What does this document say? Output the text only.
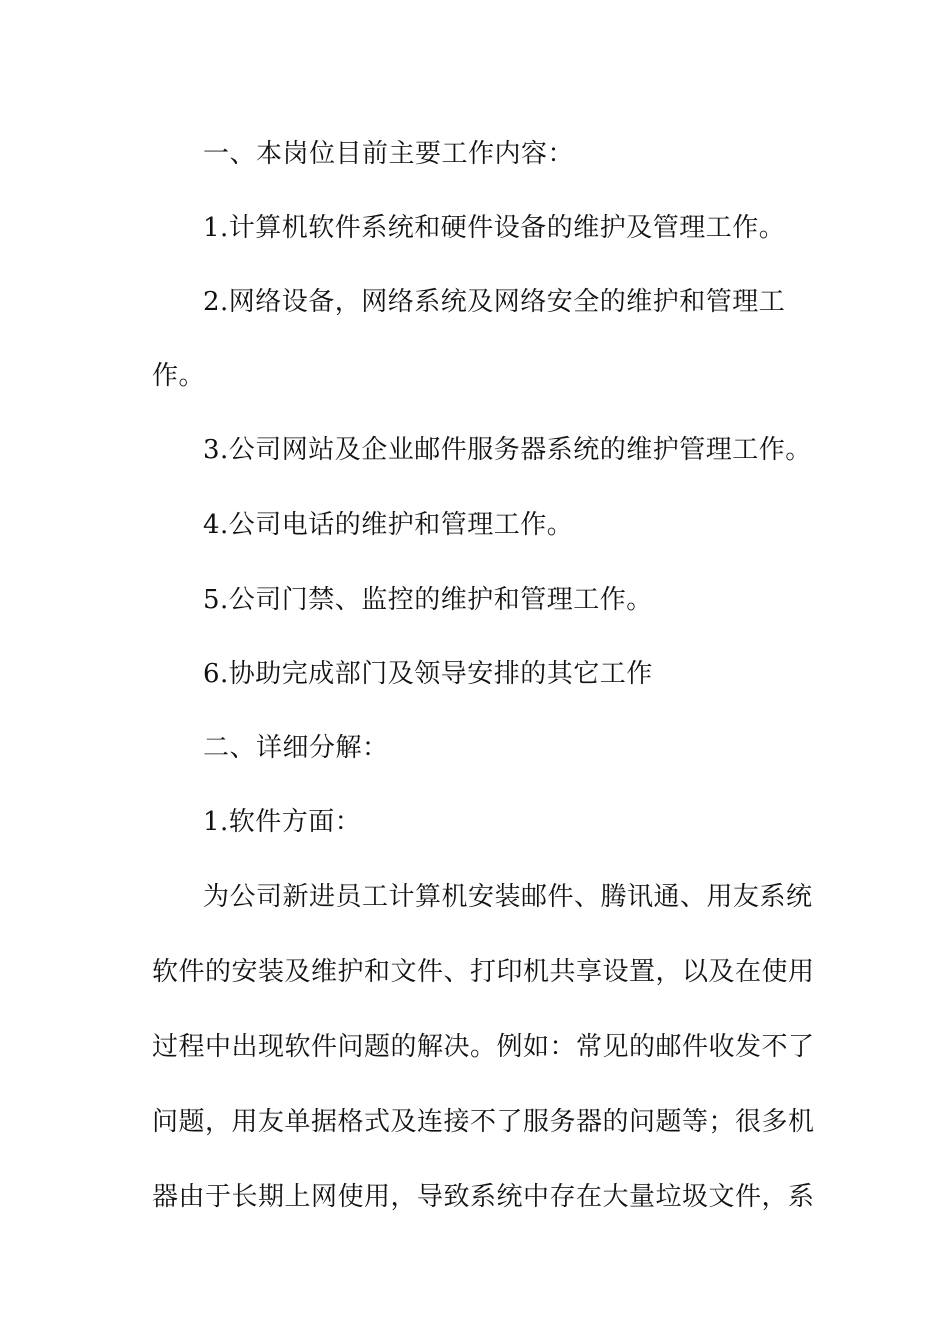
一、本岗位目前主要工作内容：
1.计算机软件系统和硬件设备的维护及管理工作。
2.网络设备，网络系统及网络安全的维护和管理工
作。
3.公司网站及企业邮件服务器系统的维护管理工作。
4.公司电话的维护和管理工作。
5.公司门禁、监控的维护和管理工作。
6.协助完成部门及领导安排的其它工作
二、详细分解：
1.软件方面：
为公司新进员工计算机安装邮件、腾讯通、用友系统
软件的安装及维护和文件、打印机共享设置，以及在使用
过程中出现软件问题的解决。例如：常见的邮件收发不了
问题，用友单据格式及连接不了服务器的问题等；很多机
器由于长期上网使用，导致系统中存在大量垃圾文件，系
